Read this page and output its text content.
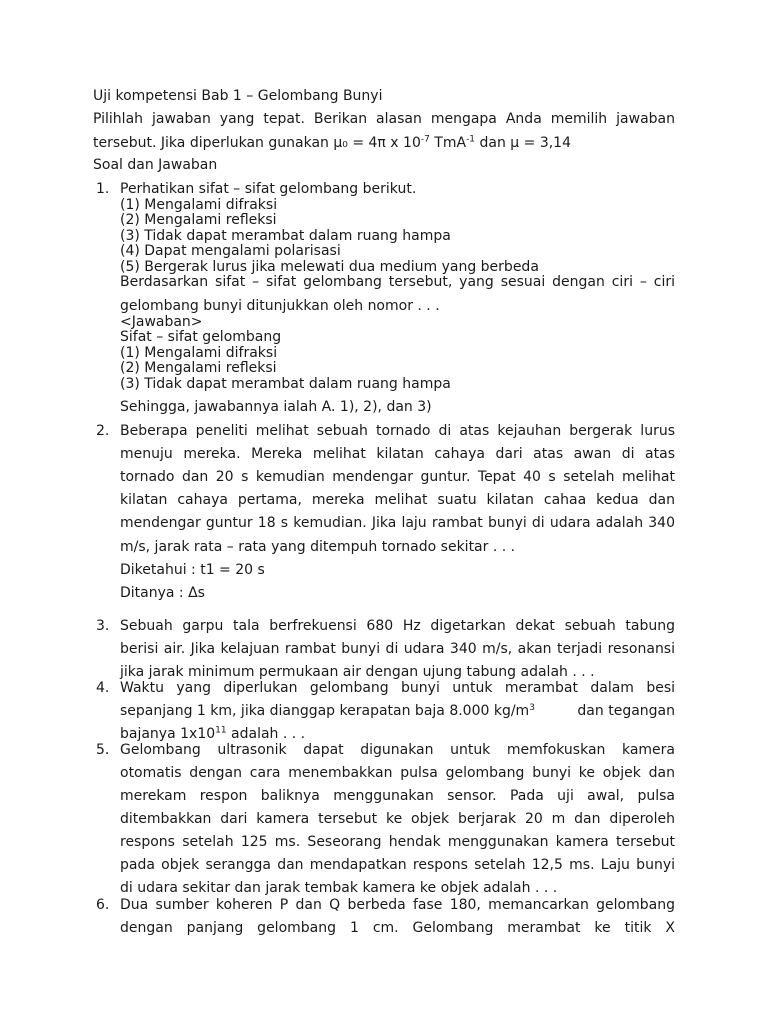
Uji kompetensi Bab 1 – Gelombang Bunyi
Pilihlah jawaban yang tepat. Berikan alasan mengapa Anda memilih jawaban
tersebut. Jika diperlukan gunakan μ₀ = 4π x $10^{-7}$ TmA$^{-1}$ dan μ = 3,14
Soal dan Jawaban
1. Perhatikan sifat – sifat gelombang berikut.
(1) Mengalami difraksi
(2) Mengalami refleksi
(3) Tidak dapat merambat dalam ruang hampa
(4) Dapat mengalami polarisasi
(5) Bergerak lurus jika melewati dua medium yang berbeda
Berdasarkan sifat – sifat gelombang tersebut, yang sesuai dengan ciri – ciri
gelombang bunyi ditunjukkan oleh nomor . . .
<Jawaban>
Sifat – sifat gelombang
(1) Mengalami difraksi
(2) Mengalami refleksi
(3) Tidak dapat merambat dalam ruang hampa
Sehingga, jawabannya ialah A. 1), 2), dan 3)
2. Beberapa peneliti melihat sebuah tornado di atas kejauhan bergerak lurus
menuju mereka. Mereka melihat kilatan cahaya dari atas awan di atas
tornado dan 20 s kemudian mendengar guntur. Tepat 40 s setelah melihat
kilatan cahaya pertama, mereka melihat suatu kilatan cahaa kedua dan
mendengar guntur 18 s kemudian. Jika laju rambat bunyi di udara adalah 340
m/s, jarak rata – rata yang ditempuh tornado sekitar . . .
Diketahui : t1 = 20 s
Ditanya : Δs
3. Sebuah garpu tala berfrekuensi 680 Hz digetarkan dekat sebuah tabung
berisi air. Jika kelajuan rambat bunyi di udara 340 m/s, akan terjadi resonansi
jika jarak minimum permukaan air dengan ujung tabung adalah . . .
4. Waktu yang diperlukan gelombang bunyi untuk merambat dalam besi
sepanjang 1 km, jika dianggap kerapatan baja 8.000 kg/m 3	dan tegangan
bajanya $1x10^{11}$ adalah . . .
5. Gelombang ultrasonik dapat digunakan untuk memfokuskan kamera
otomatis dengan cara menembakkan pulsa gelombang bunyi ke objek dan
merekam respon baliknya menggunakan sensor. Pada uji awal, pulsa
ditembakkan dari kamera tersebut ke objek berjarak 20 m dan diperoleh
respons setelah 125 ms. Seseorang hendak menggunakan kamera tersebut
pada objek serangga dan mendapatkan respons setelah 12,5 ms. Laju bunyi
di udara sekitar dan jarak tembak kamera ke objek adalah . . .
6. Dua sumber koheren P dan Q berbeda fase 180, memancarkan gelombang
dengan panjang gelombang 1 cm. Gelombang merambat ke titik X
